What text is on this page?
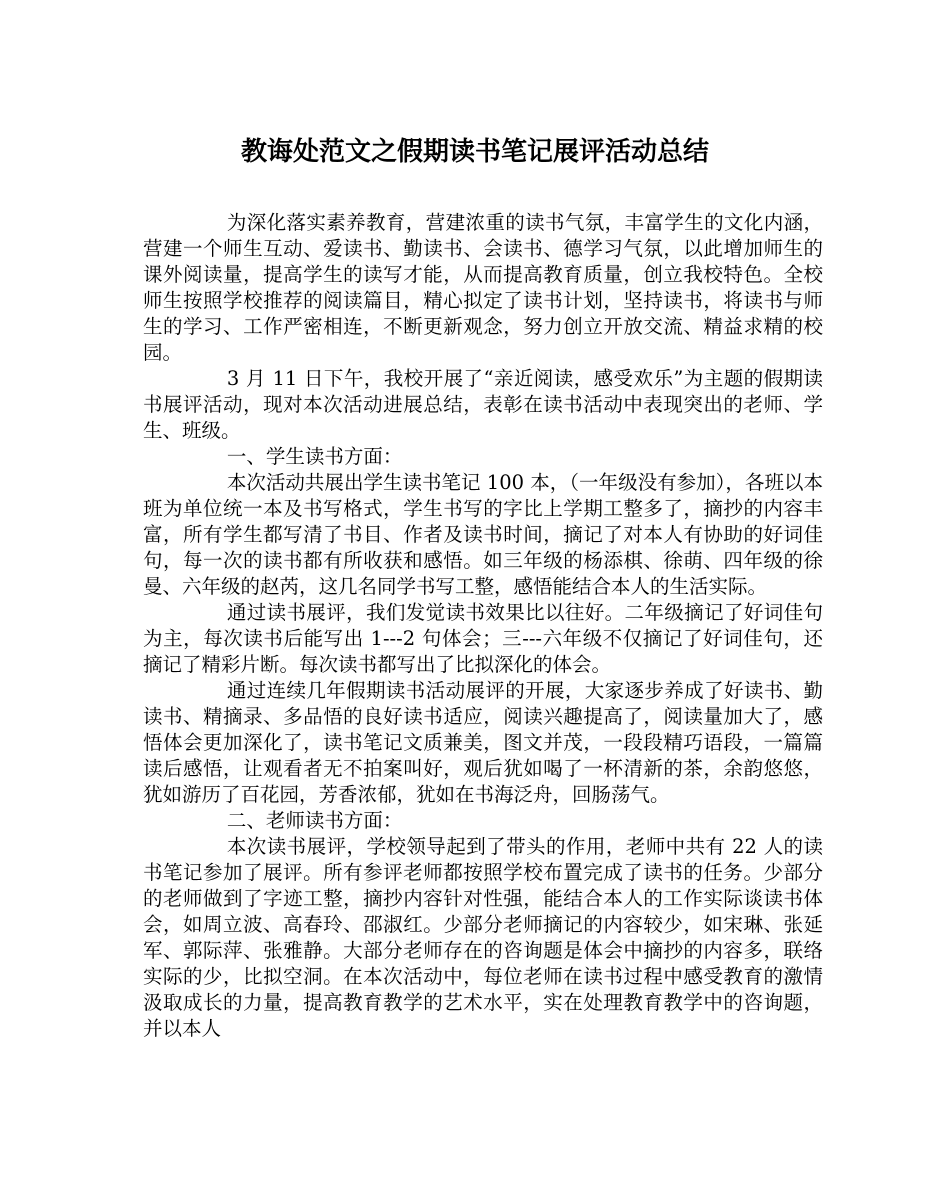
教诲处范文之假期读书笔记展评活动总结

为深化落实素养教育，营建浓重的读书气氛，丰富学生的文化内涵，营建一个师生互动、爱读书、勤读书、会读书、德学习气氛，以此增加师生的课外阅读量，提高学生的读写才能，从而提高教育质量，创立我校特色。全校师生按照学校推荐的阅读篇目，精心拟定了读书计划，坚持读书，将读书与师生的学习、工作严密相连，不断更新观念，努力创立开放交流、精益求精的校园。

3 月 11 日下午，我校开展了“亲近阅读，感受欢乐”为主题的假期读书展评活动，现对本次活动进展总结，表彰在读书活动中表现突出的老师、学生、班级。

一、学生读书方面：

本次活动共展出学生读书笔记 100 本，（一年级没有参加），各班以本班为单位统一本及书写格式，学生书写的字比上学期工整多了，摘抄的内容丰富，所有学生都写清了书目、作者及读书时间，摘记了对本人有协助的好词佳句，每一次的读书都有所收获和感悟。如三年级的杨添棋、徐萌、四年级的徐曼、六年级的赵芮，这几名同学书写工整，感悟能结合本人的生活实际。

通过读书展评，我们发觉读书效果比以往好。二年级摘记了好词佳句为主，每次读书后能写出 1---2 句体会；三---六年级不仅摘记了好词佳句，还摘记了精彩片断。每次读书都写出了比拟深化的体会。

通过连续几年假期读书活动展评的开展，大家逐步养成了好读书、勤读书、精摘录、多品悟的良好读书适应，阅读兴趣提高了，阅读量加大了，感悟体会更加深化了，读书笔记文质兼美，图文并茂，一段段精巧语段，一篇篇读后感悟，让观看者无不拍案叫好，观后犹如喝了一杯清新的茶，余韵悠悠，犹如游历了百花园，芳香浓郁，犹如在书海泛舟，回肠荡气。

二、老师读书方面：

本次读书展评，学校领导起到了带头的作用，老师中共有 22 人的读书笔记参加了展评。所有参评老师都按照学校布置完成了读书的任务。少部分的老师做到了字迹工整，摘抄内容针对性强，能结合本人的工作实际谈读书体会，如周立波、高春玲、邵淑红。少部分老师摘记的内容较少，如宋琳、张延军、郭际萍、张雅静。大部分老师存在的咨询题是体会中摘抄的内容多，联络实际的少，比拟空洞。在本次活动中，每位老师在读书过程中感受教育的激情汲取成长的力量，提高教育教学的艺术水平，实在处理教育教学中的咨询题，并以本人
